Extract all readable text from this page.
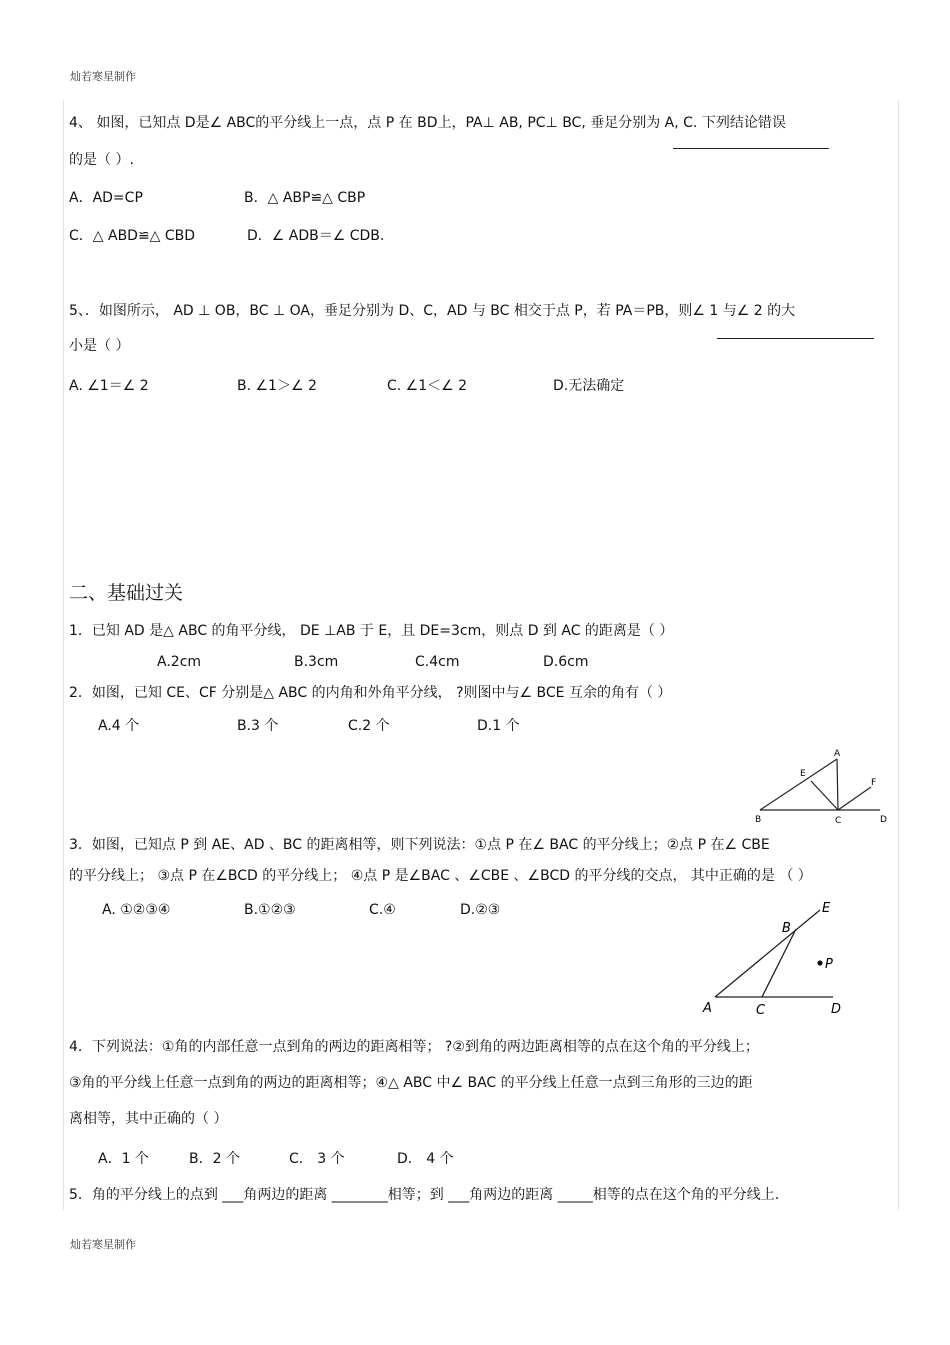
灿若寒星制作
灿若寒星制作
4、 如图，已知点 D是∠ ABC的平分线上一点，点 P 在 BD上，PA⊥ AB, PC⊥ BC, 垂足分别为 A, C. 下列结论错误
的是（ ）.
A．AD=CP	B．△ ABP≌△ CBP
C．△ ABD≌△ CBD	D．∠ ADB＝∠ CDB.
5、．如图所示， AD ⊥ OB，BC ⊥ OA，垂足分别为 D、C，AD 与 BC 相交于点 P，若 PA＝PB，则∠ 1 与∠ 2 的大
小是（ ）
A. ∠1＝∠ 2	B. ∠1＞∠ 2	C. ∠1＜∠ 2	D.无法确定
二、基础过关
1．已知 AD 是△ ABC 的角平分线， DE ⊥AB 于 E，且 DE=3cm，则点 D 到 AC 的距离是（ ）
A.2cm	B.3cm	C.4cm	D.6cm
2．如图，已知 CE、CF 分别是△ ABC 的内角和外角平分线， ?则图中与∠ BCE 互余的角有（ ）
A.4 个	B.3 个	C.2 个	D.1 个
A
E
F
B	C	D
3．如图，已知点 P 到 AE、AD 、BC 的距离相等，则下列说法：①点 P 在∠ BAC 的平分线上；②点 P 在∠ CBE
的平分线上； ③点 P 在∠BCD 的平分线上； ④点 P 是∠BAC 、∠CBE 、∠BCD 的平分线的交点， 其中正确的是 （ ）
A. ①②③④	B.①②③	C.④	D.②③	E
B
P
A	C	D
4．下列说法：①角的内部任意一点到角的两边的距离相等； ?②到角的两边距离相等的点在这个角的平分线上；
③角的平分线上任意一点到角的两边的距离相等；④△ ABC 中∠ BAC 的平分线上任意一点到三角形的三边的距
离相等，其中正确的（ ）
A．1 个	B．2 个	C． 3 个	D． 4 个
5．角的平分线上的点到 ___角两边的距离 ________相等；到 ___角两边的距离 _____相等的点在这个角的平分线上.
